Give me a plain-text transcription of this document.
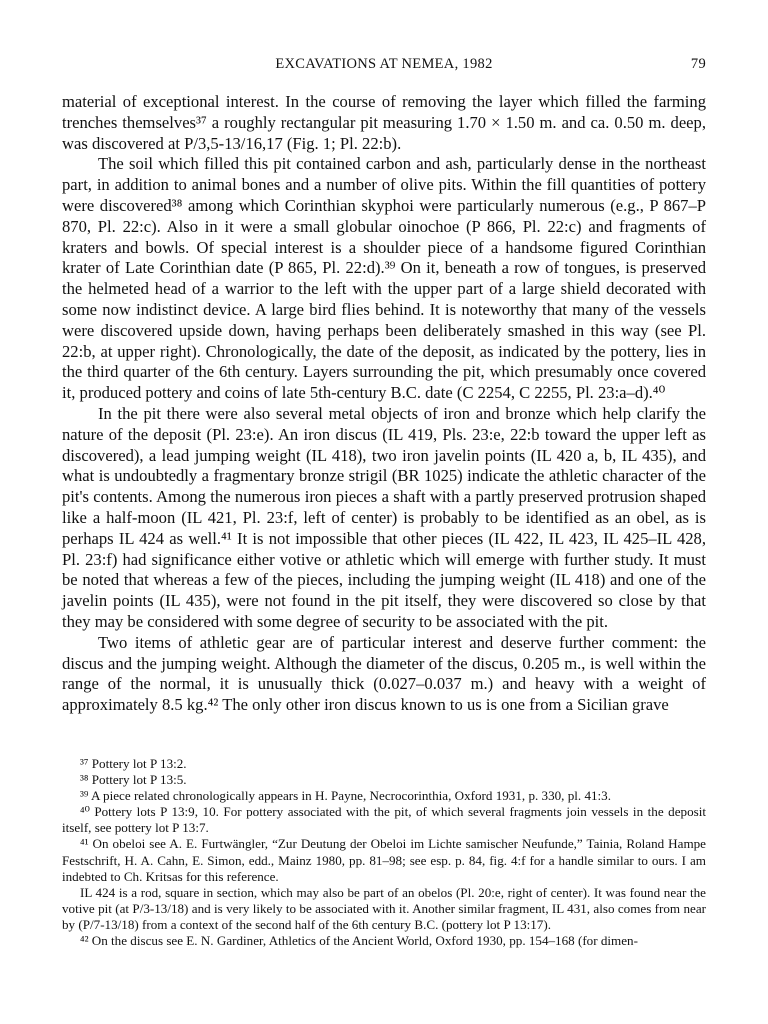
EXCAVATIONS AT NEMEA, 1982	79

material of exceptional interest. In the course of removing the layer which filled the farming trenches themselves³⁷ a roughly rectangular pit measuring 1.70 × 1.50 m. and ca. 0.50 m. deep, was discovered at P/3,5-13/16,17 (Fig. 1; Pl. 22:b).

The soil which filled this pit contained carbon and ash, particularly dense in the northeast part, in addition to animal bones and a number of olive pits. Within the fill quantities of pottery were discovered³⁸ among which Corinthian skyphoi were particularly numerous (e.g., P 867–P 870, Pl. 22:c). Also in it were a small globular oinochoe (P 866, Pl. 22:c) and fragments of kraters and bowls. Of special interest is a shoulder piece of a handsome figured Corinthian krater of Late Corinthian date (P 865, Pl. 22:d).³⁹ On it, beneath a row of tongues, is preserved the helmeted head of a warrior to the left with the upper part of a large shield decorated with some now indistinct device. A large bird flies behind. It is noteworthy that many of the vessels were discovered upside down, having perhaps been deliberately smashed in this way (see Pl. 22:b, at upper right). Chronologically, the date of the deposit, as indicated by the pottery, lies in the third quarter of the 6th century. Layers surrounding the pit, which presumably once covered it, produced pottery and coins of late 5th-century B.C. date (C 2254, C 2255, Pl. 23:a–d).⁴⁰

In the pit there were also several metal objects of iron and bronze which help clarify the nature of the deposit (Pl. 23:e). An iron discus (IL 419, Pls. 23:e, 22:b toward the upper left as discovered), a lead jumping weight (IL 418), two iron javelin points (IL 420 a, b, IL 435), and what is undoubtedly a fragmentary bronze strigil (BR 1025) indicate the athletic character of the pit's contents. Among the numerous iron pieces a shaft with a partly preserved protrusion shaped like a half-moon (IL 421, Pl. 23:f, left of center) is probably to be identified as an obel, as is perhaps IL 424 as well.⁴¹ It is not impossible that other pieces (IL 422, IL 423, IL 425–IL 428, Pl. 23:f) had significance either votive or athletic which will emerge with further study. It must be noted that whereas a few of the pieces, including the jumping weight (IL 418) and one of the javelin points (IL 435), were not found in the pit itself, they were discovered so close by that they may be considered with some degree of security to be associated with the pit.

Two items of athletic gear are of particular interest and deserve further comment: the discus and the jumping weight. Although the diameter of the discus, 0.205 m., is well within the range of the normal, it is unusually thick (0.027–0.037 m.) and heavy with a weight of approximately 8.5 kg.⁴² The only other iron discus known to us is one from a Sicilian grave

³⁷ Pottery lot P 13:2.

³⁸ Pottery lot P 13:5.

³⁹ A piece related chronologically appears in H. Payne, Necrocorinthia, Oxford 1931, p. 330, pl. 41:3.

⁴⁰ Pottery lots P 13:9, 10. For pottery associated with the pit, of which several fragments join vessels in the deposit itself, see pottery lot P 13:7.

⁴¹ On obeloi see A. E. Furtwängler, “Zur Deutung der Obeloi im Lichte samischer Neufunde,” Tainia, Roland Hampe Festschrift, H. A. Cahn, E. Simon, edd., Mainz 1980, pp. 81–98; see esp. p. 84, fig. 4:f for a handle similar to ours. I am indebted to Ch. Kritsas for this reference.

IL 424 is a rod, square in section, which may also be part of an obelos (Pl. 20:e, right of center). It was found near the votive pit (at P/3-13/18) and is very likely to be associated with it. Another similar fragment, IL 431, also comes from near by (P/7-13/18) from a context of the second half of the 6th century B.C. (pottery lot P 13:17).

⁴² On the discus see E. N. Gardiner, Athletics of the Ancient World, Oxford 1930, pp. 154–168 (for dimen-
